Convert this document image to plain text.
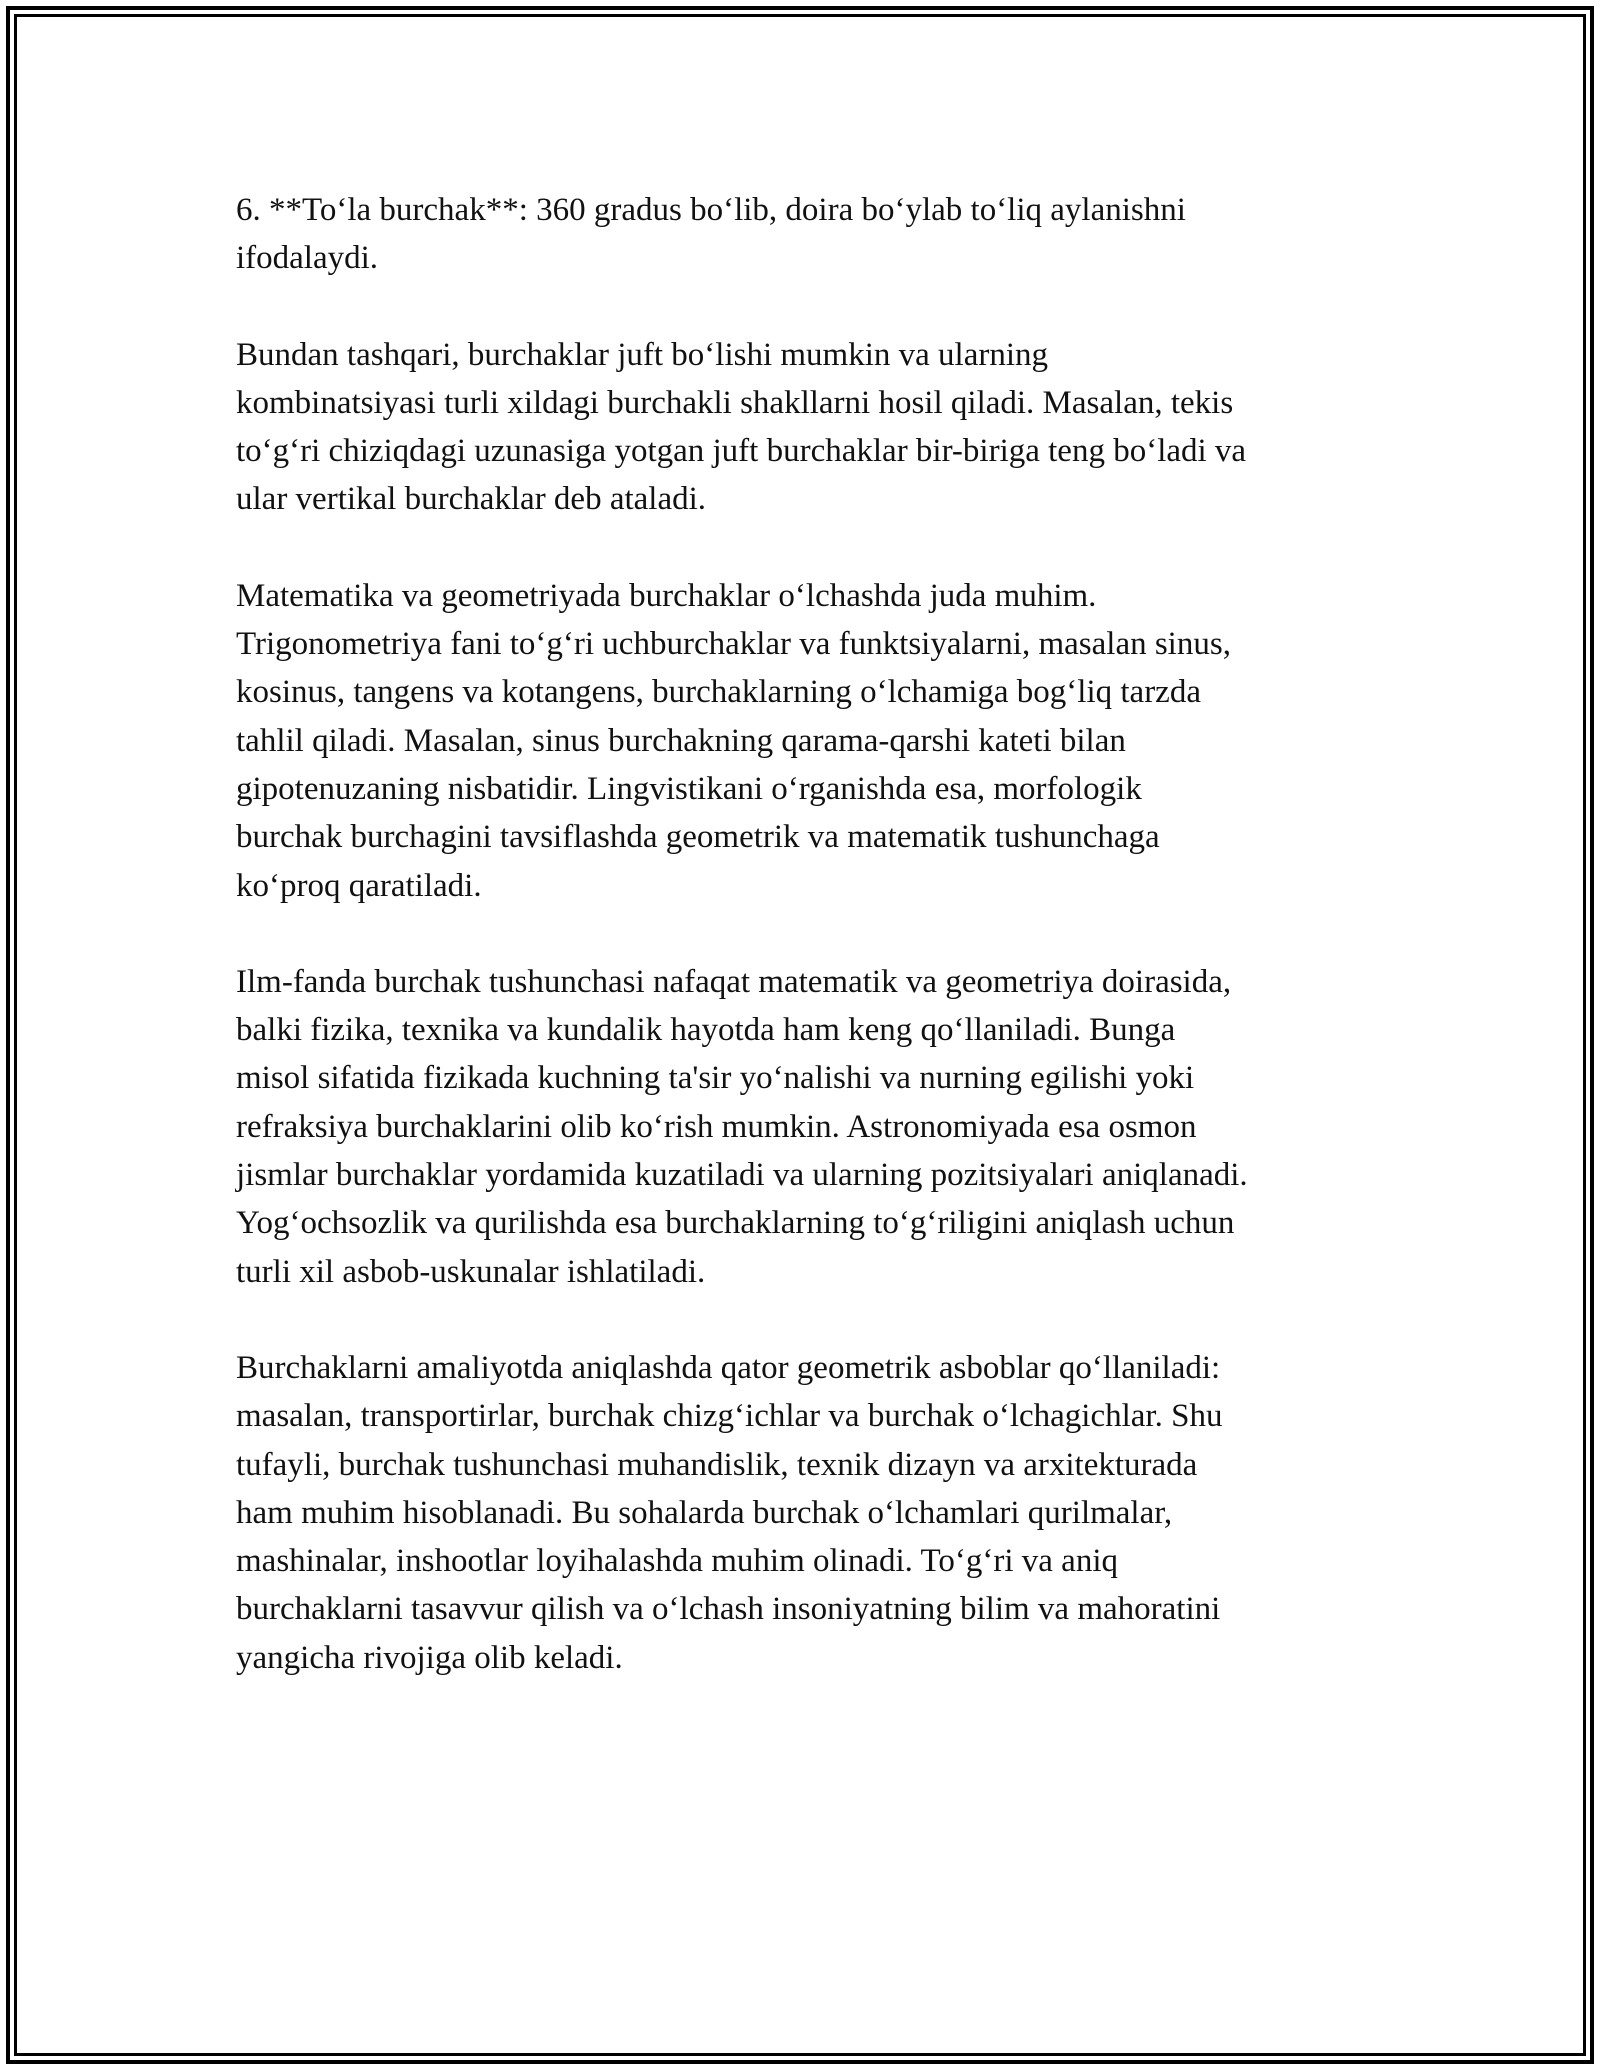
6. **To‘la burchak**: 360 gradus bo‘lib, doira bo‘ylab to‘liq aylanishni
ifodalaydi.

Bundan tashqari, burchaklar juft bo‘lishi mumkin va ularning
kombinatsiyasi turli xildagi burchakli shakllarni hosil qiladi. Masalan, tekis
to‘g‘ri chiziqdagi uzunasiga yotgan juft burchaklar bir-biriga teng bo‘ladi va
ular vertikal burchaklar deb ataladi.

Matematika va geometriyada burchaklar o‘lchashda juda muhim.
Trigonometriya fani to‘g‘ri uchburchaklar va funktsiyalarni, masalan sinus,
kosinus, tangens va kotangens, burchaklarning o‘lchamiga bog‘liq tarzda
tahlil qiladi. Masalan, sinus burchakning qarama-qarshi kateti bilan
gipotenuzaning nisbatidir. Lingvistikani o‘rganishda esa, morfologik
burchak burchagini tavsiflashda geometrik va matematik tushunchaga
ko‘proq qaratiladi.

Ilm-fanda burchak tushunchasi nafaqat matematik va geometriya doirasida,
balki fizika, texnika va kundalik hayotda ham keng qo‘llaniladi. Bunga
misol sifatida fizikada kuchning ta'sir yo‘nalishi va nurning egilishi yoki
refraksiya burchaklarini olib ko‘rish mumkin. Astronomiyada esa osmon
jismlar burchaklar yordamida kuzatiladi va ularning pozitsiyalari aniqlanadi.
Yog‘ochsozlik va qurilishda esa burchaklarning to‘g‘riligini aniqlash uchun
turli xil asbob-uskunalar ishlatiladi.

Burchaklarni amaliyotda aniqlashda qator geometrik asboblar qo‘llaniladi:
masalan, transportirlar, burchak chizg‘ichlar va burchak o‘lchagichlar. Shu
tufayli, burchak tushunchasi muhandislik, texnik dizayn va arxitekturada
ham muhim hisoblanadi. Bu sohalarda burchak o‘lchamlari qurilmalar,
mashinalar, inshootlar loyihalashda muhim olinadi. To‘g‘ri va aniq
burchaklarni tasavvur qilish va o‘lchash insoniyatning bilim va mahoratini
yangicha rivojiga olib keladi.
